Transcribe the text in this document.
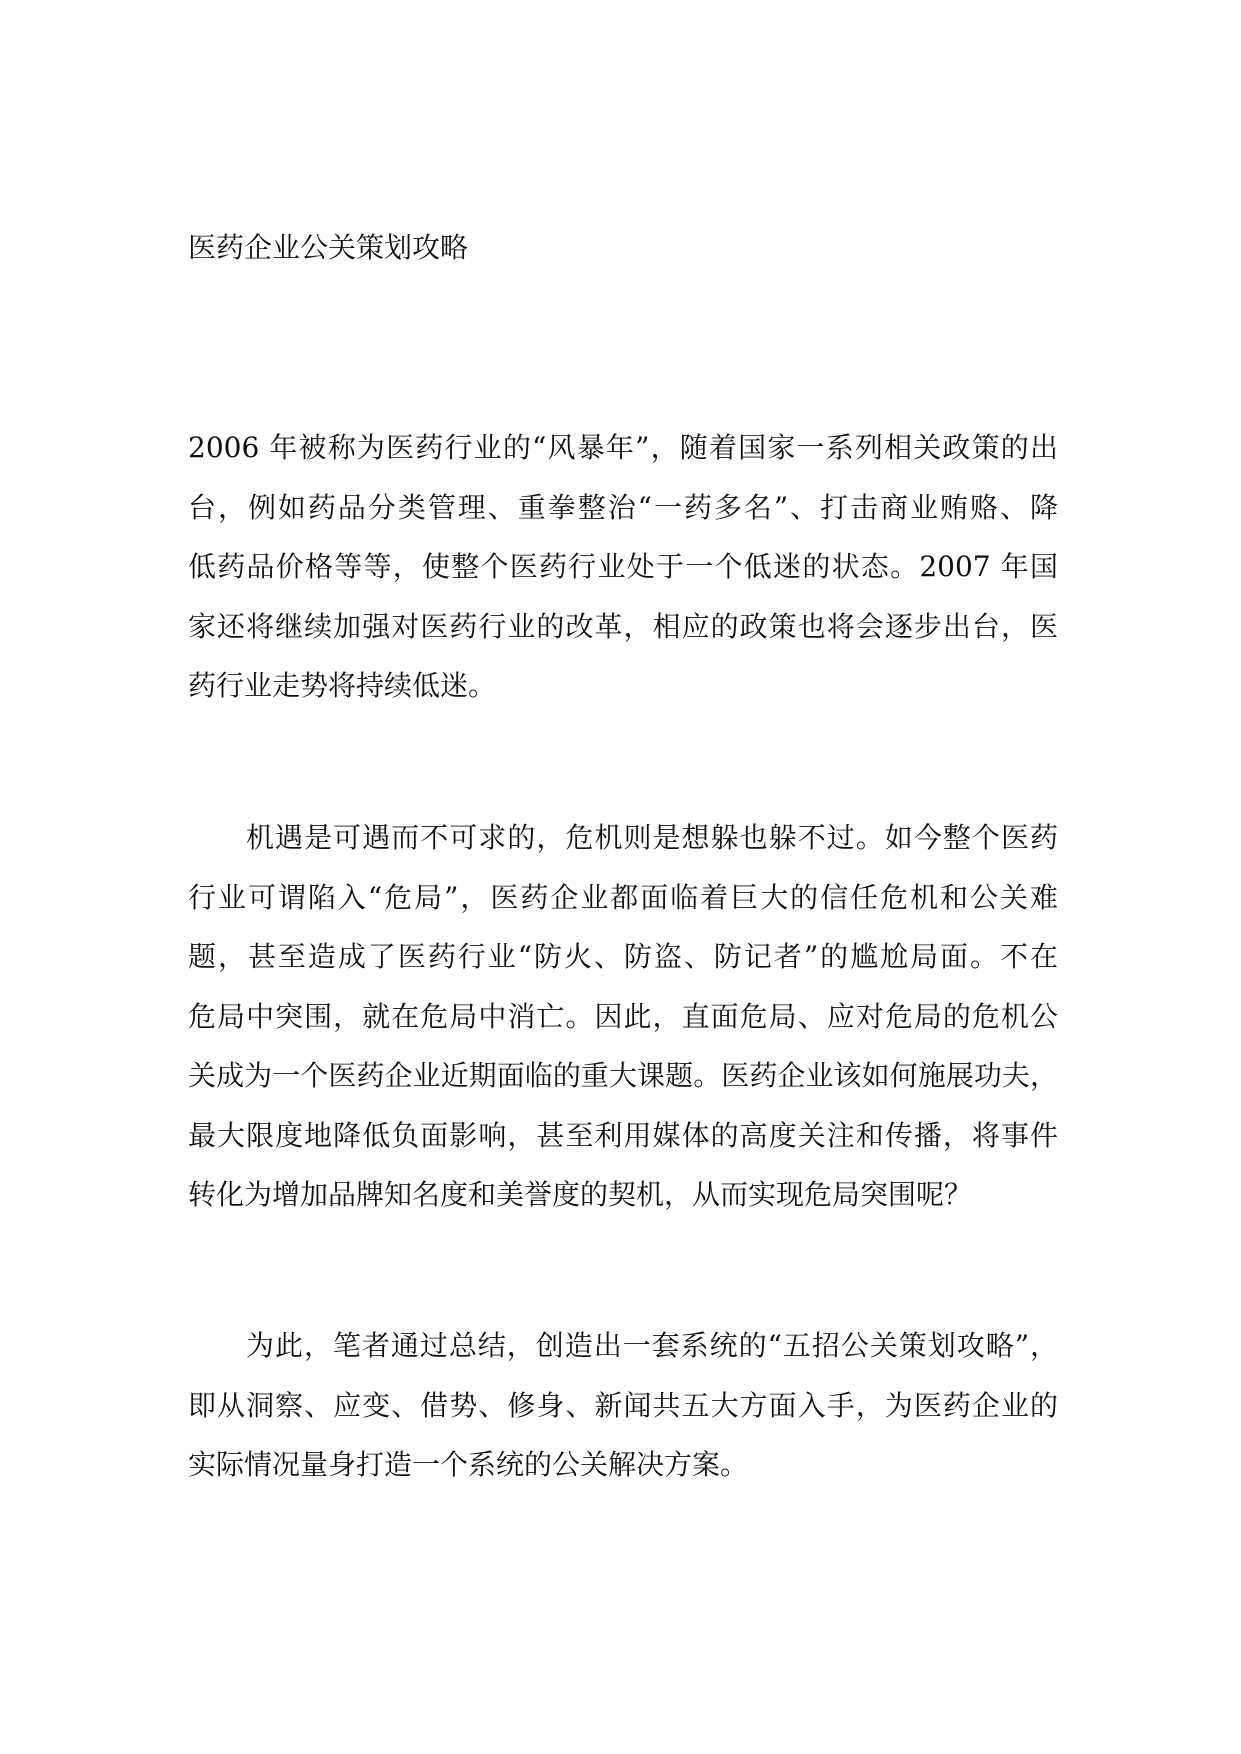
医药企业公关策划攻略
2006 年被称为医药行业的“风暴年”，随着国家一系列相关政策的出
台，例如药品分类管理、重拳整治“一药多名”、打击商业贿赂、降
低药品价格等等，使整个医药行业处于一个低迷的状态。2007 年国
家还将继续加强对医药行业的改革，相应的政策也将会逐步出台，医
药行业走势将持续低迷。
机遇是可遇而不可求的，危机则是想躲也躲不过。如今整个医药
行业可谓陷入“危局”，医药企业都面临着巨大的信任危机和公关难
题，甚至造成了医药行业“防火、防盗、防记者”的尴尬局面。不在
危局中突围，就在危局中消亡。因此，直面危局、应对危局的危机公
关成为一个医药企业近期面临的重大课题。医药企业该如何施展功夫，
最大限度地降低负面影响，甚至利用媒体的高度关注和传播，将事件
转化为增加品牌知名度和美誉度的契机，从而实现危局突围呢？
为此，笔者通过总结，创造出一套系统的“五招公关策划攻略”，
即从洞察、应变、借势、修身、新闻共五大方面入手，为医药企业的
实际情况量身打造一个系统的公关解决方案。
